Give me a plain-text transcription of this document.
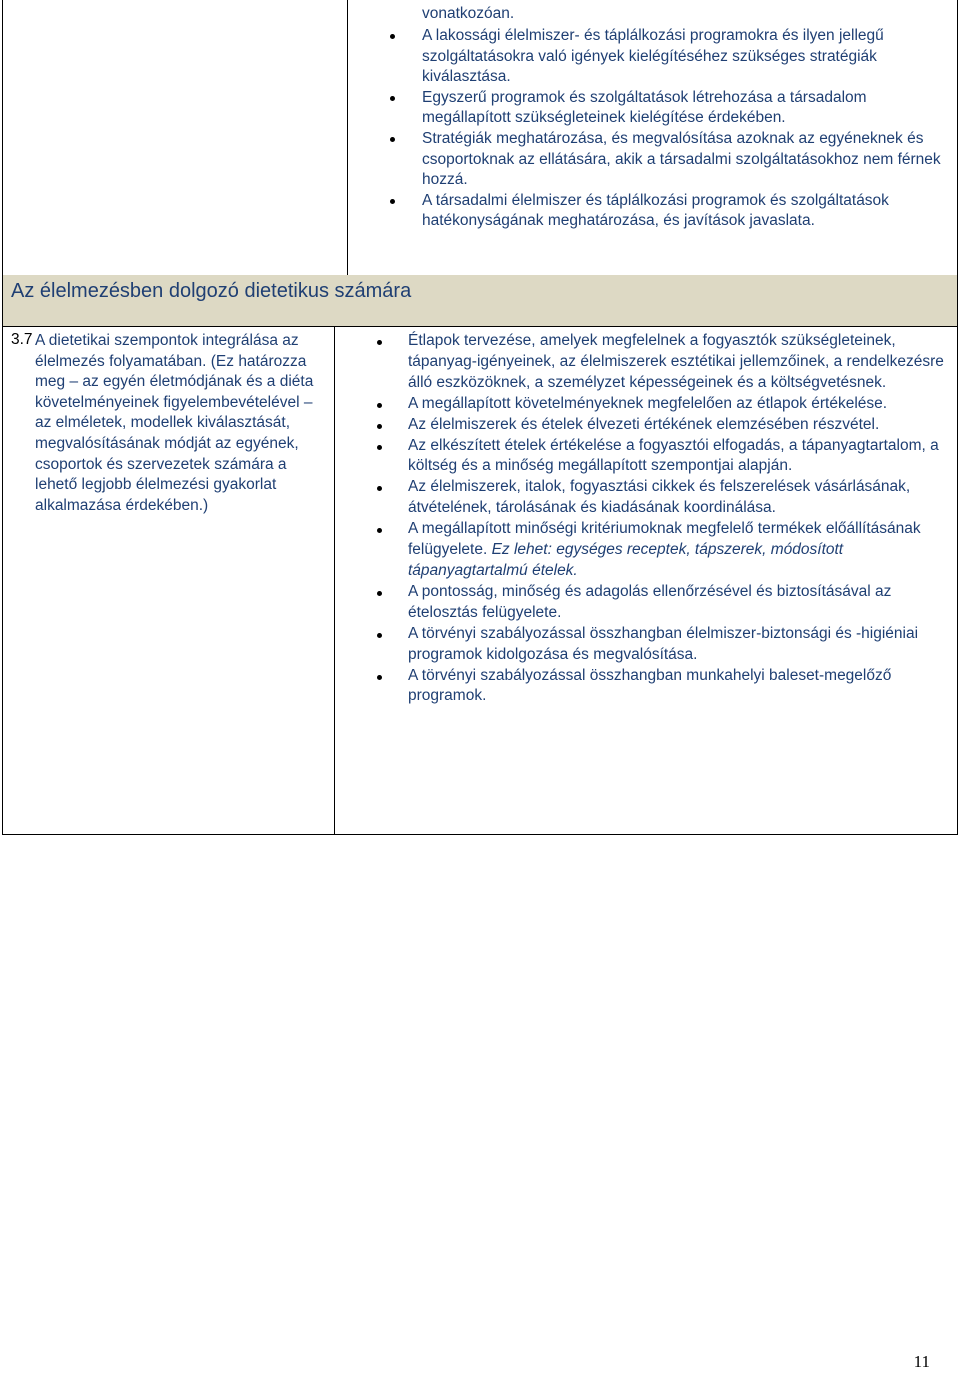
vonatkozóan.

A lakossági élelmiszer- és táplálkozási programokra és ilyen jellegű szolgáltatásokra való igények kielégítéséhez szükséges stratégiák kiválasztása.
Egyszerű programok és szolgáltatások létrehozása a társadalom megállapított szükségleteinek kielégítése érdekében.
Stratégiák meghatározása, és megvalósítása azoknak az egyéneknek és csoportoknak az ellátására, akik a társadalmi szolgáltatásokhoz nem férnek hozzá.
A társadalmi élelmiszer és táplálkozási programok és szolgáltatások hatékonyságának meghatározása, és javítások javaslata.
Az élelmezésben dolgozó dietetikus számára
3.7 A dietetikai szempontok integrálása az élelmezés folyamatában. (Ez határozza meg – az egyén életmódjának és a diéta követelményeinek figyelembevételével – az elméletek, modellek kiválasztását, megvalósításának módját az egyének, csoportok és szervezetek számára a lehető legjobb élelmezési gyakorlat alkalmazása érdekében.)

Étlapok tervezése, amelyek megfelelnek a fogyasztók szükségleteinek, tápanyag-igényeinek, az élelmiszerek esztétikai jellemzőinek, a rendelkezésre álló eszközöknek, a személyzet képességeinek és a költségvetésnek.
A megállapított követelményeknek megfelelően az étlapok értékelése.
Az élelmiszerek és ételek élvezeti értékének elemzésében részvétel.
Az elkészített ételek értékelése a fogyasztói elfogadás, a tápanyagtartalom, a költség és a minőség megállapított szempontjai alapján.
Az élelmiszerek, italok, fogyasztási cikkek és felszerelések vásárlásának, átvételének, tárolásának és kiadásának koordinálása.
A megállapított minőségi kritériumoknak megfelelő termékek előállításának felügyelete. Ez lehet: egységes receptek, tápszerek, módosított tápanyagtartalmú ételek.
A pontosság, minőség és adagolás ellenőrzésével és biztosításával az ételosztás felügyelete.
A törvényi szabályozással összhangban élelmiszer-biztonsági és -higiéniai programok kidolgozása és megvalósítása.
A törvényi szabályozással összhangban munkahelyi baleset-megelőző programok.

11
